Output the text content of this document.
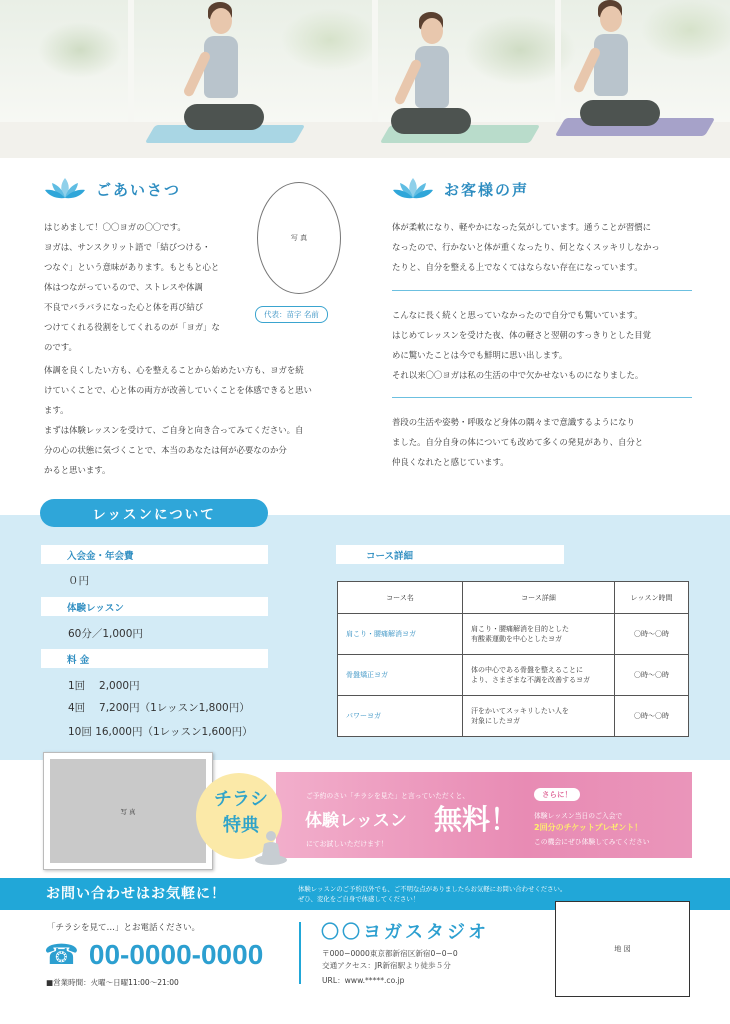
ごあいさつ
はじめまして！〇〇ヨガの〇〇です。
ヨガは、サンスクリット語で「結びつける・
つなぐ」という意味があります。もともと心と
体はつながっているので、ストレスや体調
不良でバラバラになった心と体を再び結び
つけてくれる役割をしてくれるのが「ヨガ」な
のです。
写 真
代表：苗字 名前
体調を良くしたい方も、心を整えることから始めたい方も、ヨガを続
けていくことで、心と体の両方が改善していくことを体感できると思い
ます。
まずは体験レッスンを受けて、ご自身と向き合ってみてください。自
分の心の状態に気づくことで、本当のあなたは何が必要なのか分
かると思います。
お客様の声
体が柔軟になり、軽やかになった気がしています。通うことが習慣に
なったので、行かないと体が重くなったり、何となくスッキリしなかっ
たりと、自分を整える上でなくてはならない存在になっています。
こんなに長く続くと思っていなかったので自分でも驚いています。
はじめてレッスンを受けた夜、体の軽さと翌朝のすっきりとした目覚
めに驚いたことは今でも鮮明に思い出します。
それ以来〇〇ヨガは私の生活の中で欠かせないものになりました。
普段の生活や姿勢・呼吸など身体の隅々まで意識するようになり
ました。自分自身の体についても改めて多くの発見があり、自分と
仲良くなれたと感じています。
レッスンについて
入会金・年会費
０円
体験レッスン
60分／1,000円
料 金
1回　 2,000円
4回　 7,200円（1レッスン1,800円）
10回 16,000円（1レッスン1,600円）
コース詳細
コース名	コース詳細	レッスン時間
肩こり・腰痛解消ヨガ	肩こり・腰痛解消を目的とした
有酸素運動を中心としたヨガ	〇時～〇時
骨盤矯正ヨガ	体の中心である骨盤を整えることに
より、さまざまな不調を改善するヨガ	〇時～〇時
パワーヨガ	汗をかいてスッキリしたい人を
対象にしたヨガ	〇時～〇時
写 真
チラシ
特典
ご予約のさい「チラシを見た」と言っていただくと、
体験レッスン 無料！
にてお試しいただけます！
さらに！
体験レッスン当日のご入会で
2回分のチケットプレゼント！
この機会にぜひ体験してみてください
お問い合わせはお気軽に！	体験レッスンのご予約以外でも、ご不明な点がありましたらお気軽にお問い合わせください。
ぜひ、変化をご自身で体感してください！
「チラシを見て…」とお電話ください。
☎ 00-0000-0000
■営業時間：火曜～日曜11:00～21:00
〇〇ヨガスタジオ
〒000−0000東京都新宿区新宿0−0−0
交通アクセス：JR新宿駅より徒歩５分
URL：www.*****.co.jp
地 図
